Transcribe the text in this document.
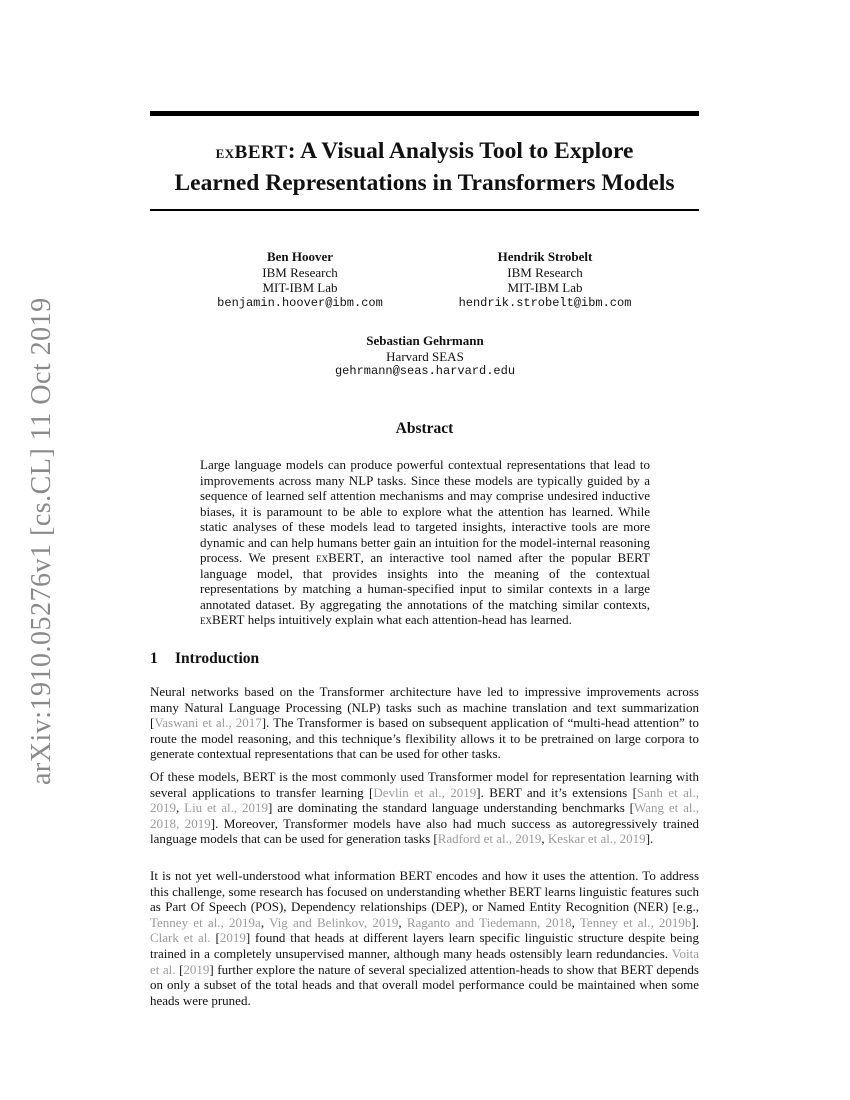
arXiv:1910.05276v1 [cs.CL] 11 Oct 2019
exBERT: A Visual Analysis Tool to Explore
Learned Representations in Transformers Models
Ben Hoover
IBM Research
MIT-IBM Lab
benjamin.hoover@ibm.com
Hendrik Strobelt
IBM Research
MIT-IBM Lab
hendrik.strobelt@ibm.com
Sebastian Gehrmann
Harvard SEAS
gehrmann@seas.harvard.edu
Abstract

Large language models can produce powerful contextual representations that lead to improvements across many NLP tasks. Since these models are typically guided by a sequence of learned self attention mechanisms and may comprise undesired inductive biases, it is paramount to be able to explore what the attention has learned. While static analyses of these models lead to targeted insights, interactive tools are more dynamic and can help humans better gain an intuition for the model-internal reasoning process. We present exBERT, an interactive tool named after the popular BERT language model, that provides insights into the meaning of the contextual representations by matching a human-specified input to similar contexts in a large annotated dataset. By aggregating the annotations of the matching similar contexts, exBERT helps intuitively explain what each attention-head has learned.

1 Introduction

Neural networks based on the Transformer architecture have led to impressive improvements across many Natural Language Processing (NLP) tasks such as machine translation and text summarization [Vaswani et al., 2017]. The Transformer is based on subsequent application of “multi-head attention” to route the model reasoning, and this technique’s flexibility allows it to be pretrained on large corpora to generate contextual representations that can be used for other tasks.

Of these models, BERT is the most commonly used Transformer model for representation learning with several applications to transfer learning [Devlin et al., 2019]. BERT and it’s extensions [Sanh et al., 2019, Liu et al., 2019] are dominating the standard language understanding benchmarks [Wang et al., 2018, 2019]. Moreover, Transformer models have also had much success as autoregressively trained language models that can be used for generation tasks [Radford et al., 2019, Keskar et al., 2019].

It is not yet well-understood what information BERT encodes and how it uses the attention. To address this challenge, some research has focused on understanding whether BERT learns linguistic features such as Part Of Speech (POS), Dependency relationships (DEP), or Named Entity Recognition (NER) [e.g., Tenney et al., 2019a, Vig and Belinkov, 2019, Raganto and Tiedemann, 2018, Tenney et al., 2019b]. Clark et al. [2019] found that heads at different layers learn specific linguistic structure despite being trained in a completely unsupervised manner, although many heads ostensibly learn redundancies. Voita et al. [2019] further explore the nature of several specialized attention-heads to show that BERT depends on only a subset of the total heads and that overall model performance could be maintained when some heads were pruned.
